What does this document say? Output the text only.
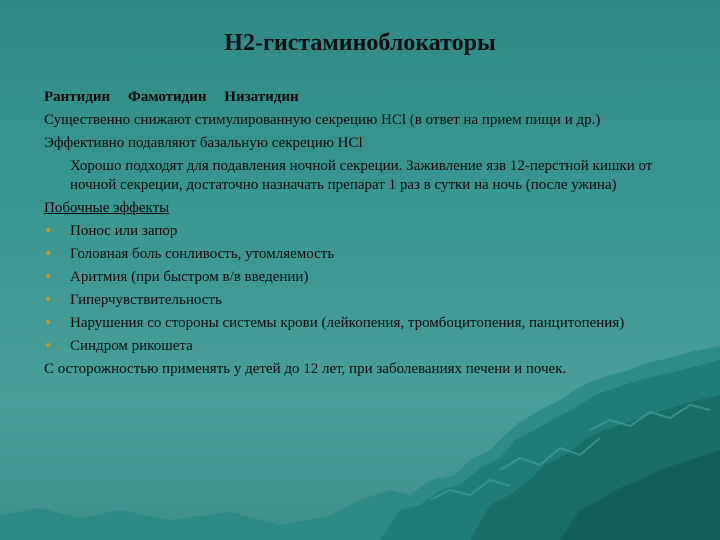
H2-гистаминоблокаторы
Рантидин Фамотидин Низатидин
Существенно снижают стимулированную секрецию HCl (в ответ на прием пищи и др.)
Эффективно подавляют базальную секрецию HCl
Хорошо подходят для подавления ночной секреции. Заживление язв 12-перстной кишки от ночной секреции, достаточно назначать препарат 1 раз в сутки на ночь (после ужина)
Побочные эффекты
• Понос или запор
• Головная боль сонливость, утомляемость
• Аритмия (при быстром в/в введении)
• Гиперчувствительность
• Нарушения со стороны системы крови (лейкопения, тромбоцитопения, панцитопения)
• Синдром рикошета
С осторожностью применять у детей до 12 лет, при заболеваниях печени и почек.
